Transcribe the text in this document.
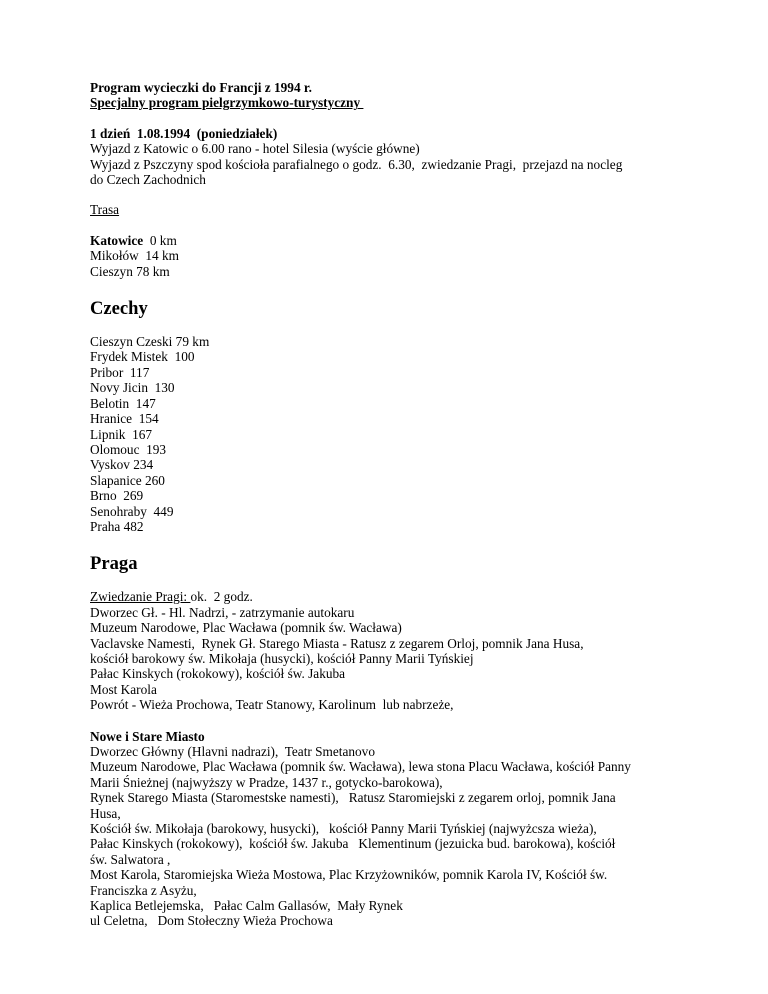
Program wycieczki do Francji z 1994 r.
Specjalny program pielgrzymkowo-turystyczny
1 dzień  1.08.1994  (poniedziałek)
Wyjazd z Katowic o 6.00 rano - hotel Silesia (wyście główne)
Wyjazd z Pszczyny spod kościoła parafialnego o godz.  6.30,  zwiedzanie Pragi,  przejazd na nocleg
do Czech Zachodnich
Trasa
Katowice  0 km
Mikołów  14 km
Cieszyn 78 km
Czechy
Cieszyn Czeski 79 km
Frydek Mistek  100
Pribor  117
Novy Jicin  130
Belotin  147
Hranice  154
Lipnik  167
Olomouc  193
Vyskov 234
Slapanice 260
Brno  269
Senohraby  449
Praha 482
Praga
Zwiedzanie Pragi: ok.  2 godz.
Dworzec Gł. - Hl. Nadrzi, - zatrzymanie autokaru
Muzeum Narodowe, Plac Wacława (pomnik św. Wacława)
Vaclavske Namesti,  Rynek Gł. Starego Miasta - Ratusz z zegarem Orloj, pomnik Jana Husa,
kościół barokowy św. Mikołaja (husycki), kościół Panny Marii Tyńskiej
Pałac Kinskych (rokokowy), kościół św. Jakuba
Most Karola
Powrót - Wieża Prochowa, Teatr Stanowy, Karolinum  lub nabrzeże,
Nowe i Stare Miasto
Dworzec Główny (Hlavni nadrazi),  Teatr Smetanovo
Muzeum Narodowe, Plac Wacława (pomnik św. Wacława), lewa stona Placu Wacława, kościół Panny
Marii Śnieżnej (najwyższy w Pradze, 1437 r., gotycko-barokowa),
Rynek Starego Miasta (Staromestske namesti),   Ratusz Staromiejski z zegarem orloj, pomnik Jana
Husa,
Kościół św. Mikołaja (barokowy, husycki),   kościół Panny Marii Tyńskiej (najwyżcsza wieża),
Pałac Kinskych (rokokowy),  kościół św. Jakuba   Klementinum (jezuicka bud. barokowa), kościół
św. Salwatora ,
Most Karola, Staromiejska Wieża Mostowa, Plac Krzyżowników, pomnik Karola IV, Kościół św.
Franciszka z Asyżu,
Kaplica Betlejemska,   Pałac Calm Gallasów,  Mały Rynek
ul Celetna,   Dom Stołeczny Wieża Prochowa
